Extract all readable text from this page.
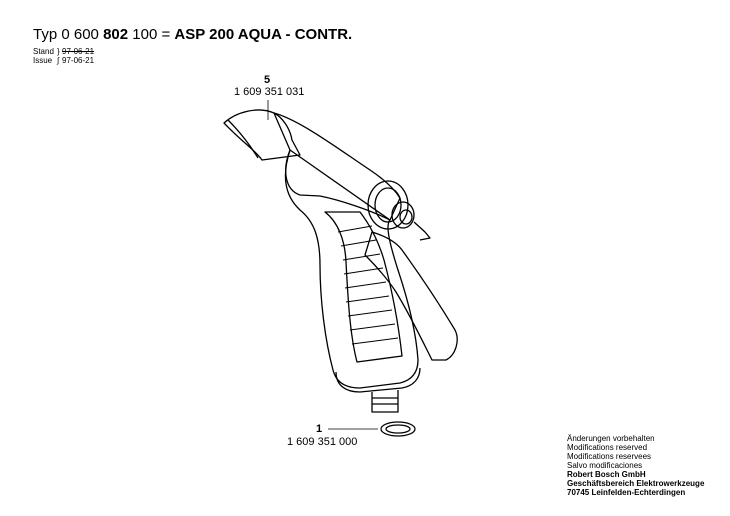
Typ 0 600 802 100 = ASP 200 AQUA - CONTR.
Stand } 97-06-21
Issue ∫ 97-06-21
5
1 609 351 031
1
1 609 351 000	Änderungen vorbehalten
Modifications reserved
Modifications reservees
Salvo modificaciones
Robert Bosch GmbH
Geschäftsbereich Elektrowerkzeuge
70745 Leinfelden-Echterdingen
